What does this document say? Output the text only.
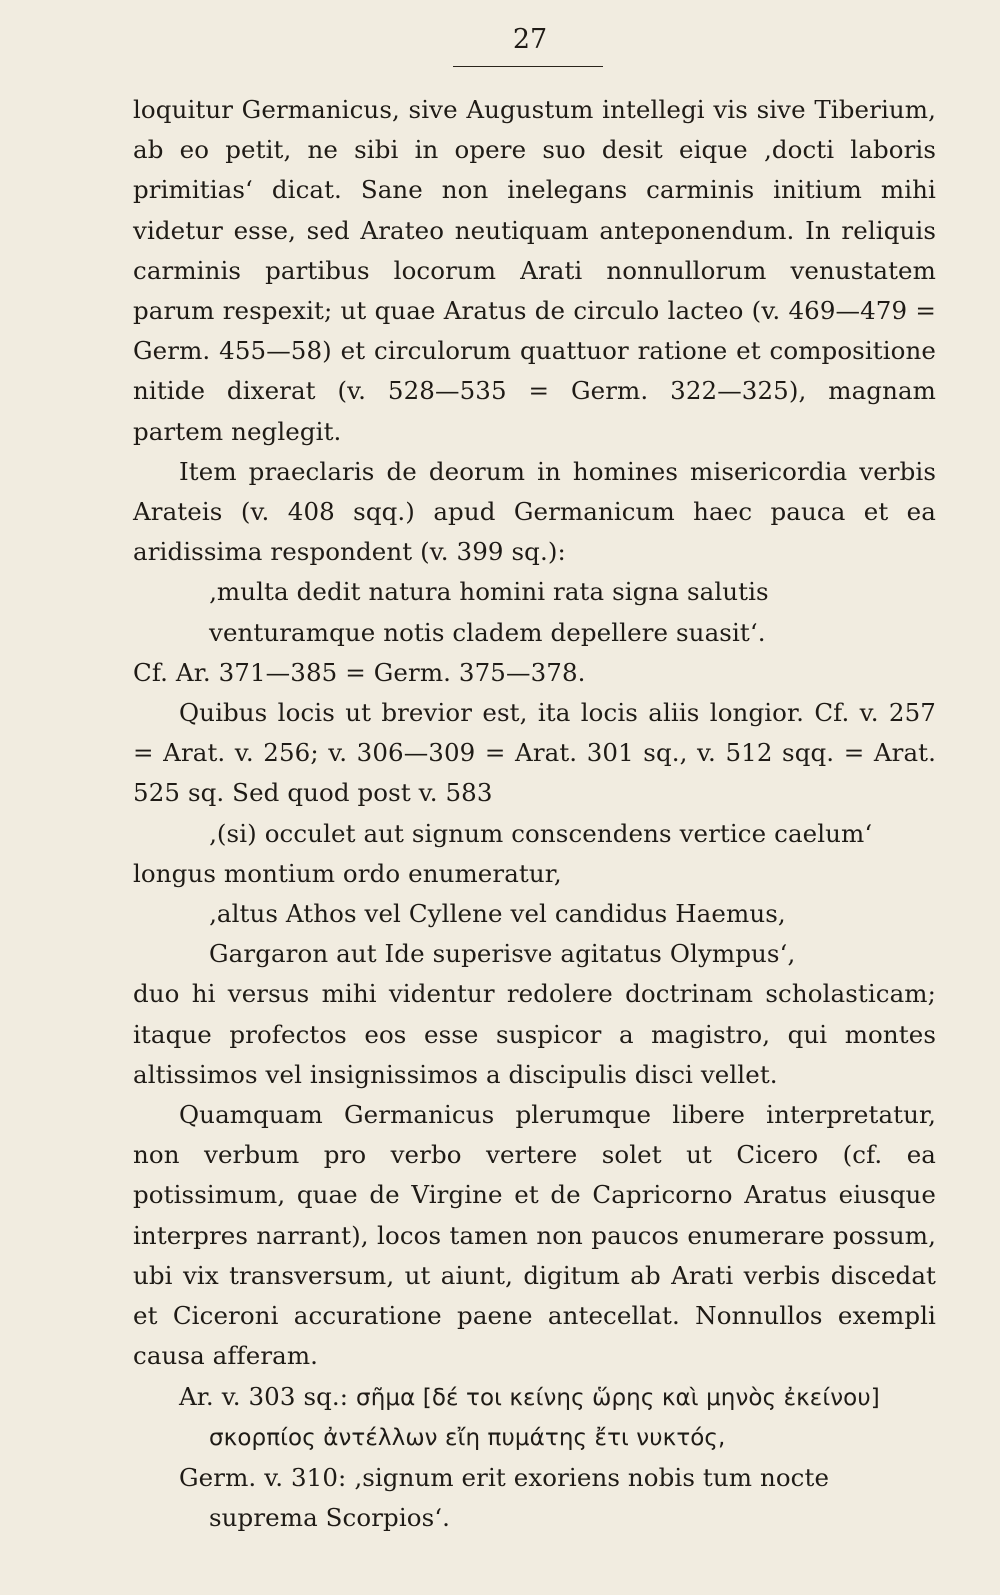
27

loquitur Germanicus, sive Augustum intellegi vis sive Tiberium, ab eo petit, ne sibi in opere suo desit eique ‚docti laboris primitias‘ dicat. Sane non inelegans carminis initium mihi videtur esse, sed Arateo neutiquam anteponendum. In reliquis carminis partibus locorum Arati nonnullorum venustatem parum respexit; ut quae Aratus de circulo lacteo (v. 469—479 = Germ. 455—58) et circulorum quattuor ratione et compositione nitide dixerat (v. 528—535 = Germ. 322—325), magnam partem neglegit.

Item praeclaris de deorum in homines misericordia verbis Arateis (v. 408 sqq.) apud Germanicum haec pauca et ea aridissima respondent (v. 399 sq.):

‚multa dedit natura homini rata signa salutis

venturamque notis cladem depellere suasit‘.

Cf. Ar. 371—385 = Germ. 375—378.

Quibus locis ut brevior est, ita locis aliis longior. Cf. v. 257 = Arat. v. 256; v. 306—309 = Arat. 301 sq., v. 512 sqq. = Arat. 525 sq. Sed quod post v. 583

‚(si) occulet aut signum conscendens vertice caelum‘

longus montium ordo enumeratur,

‚altus Athos vel Cyllene vel candidus Haemus,

Gargaron aut Ide superisve agitatus Olympus‘,

duo hi versus mihi videntur redolere doctrinam scholasticam; itaque profectos eos esse suspicor a magistro, qui montes altissimos vel insignissimos a discipulis disci vellet.

Quamquam Germanicus plerumque libere interpretatur, non verbum pro verbo vertere solet ut Cicero (cf. ea potissimum, quae de Virgine et de Capricorno Aratus eiusque interpres narrant), locos tamen non paucos enumerare possum, ubi vix transversum, ut aiunt, digitum ab Arati verbis discedat et Ciceroni accuratione paene antecellat. Nonnullos exempli causa afferam.

Ar. v. 303 sq.: σῆμα [δέ τοι κείνης ὥρης καὶ μηνὸς ἐκείνου]

σκορπίος ἀντέλλων εἴη πυμάτης ἔτι νυκτός,

Germ. v. 310: ‚signum erit exoriens nobis tum nocte

suprema Scorpios‘.
